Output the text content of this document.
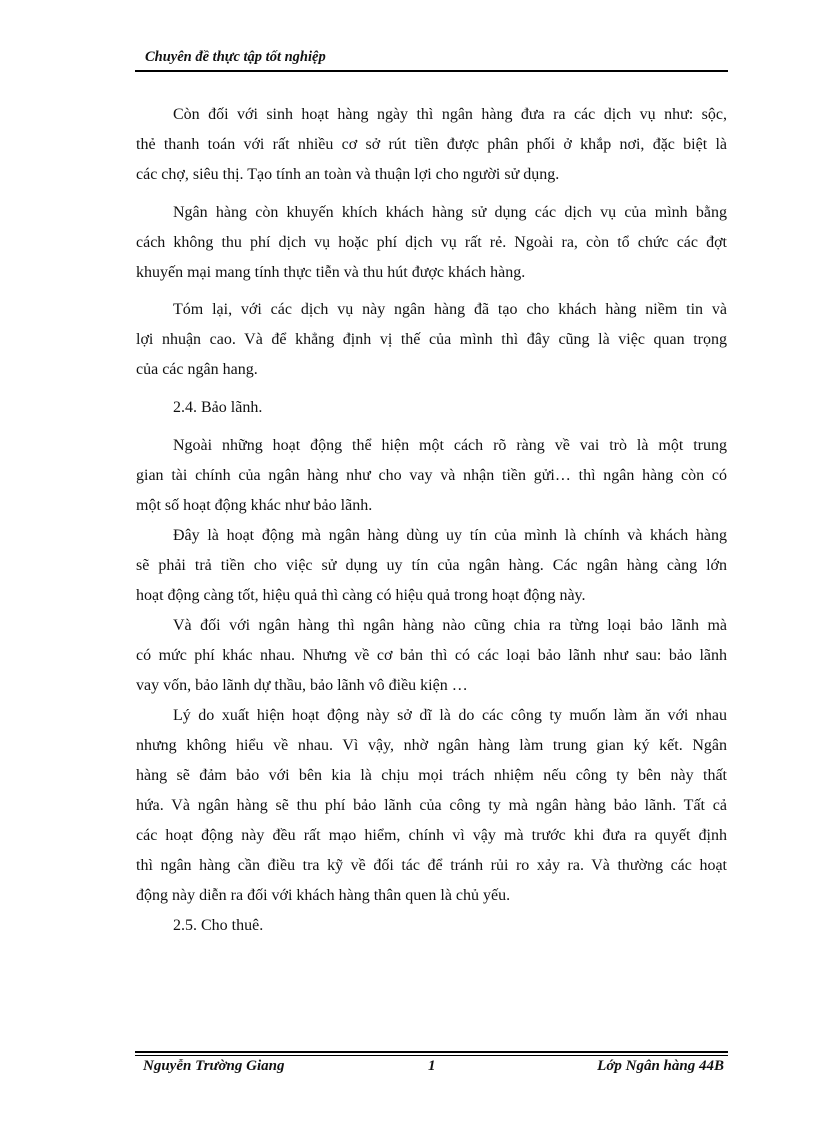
Chuyên đề thực tập tốt nghiệp
Còn đối với sinh hoạt hàng ngày thì ngân hàng đưa ra các dịch vụ như: sộc,
thẻ thanh toán với rất nhiều cơ sở rút tiền được phân phối ở khắp nơi, đặc biệt là
các chợ, siêu thị. Tạo tính an toàn và thuận lợi cho người sử dụng.
Ngân hàng còn khuyến khích khách hàng sử dụng các dịch vụ của mình bằng
cách không thu phí dịch vụ hoặc phí dịch vụ rất rẻ. Ngoài ra, còn tổ chức các đợt
khuyến mại mang tính thực tiễn và thu hút được khách hàng.
Tóm lại, với các dịch vụ này ngân hàng đã tạo cho khách hàng niềm tin và
lợi nhuận cao. Và để khẳng định vị thế của mình thì đây cũng là việc quan trọng
của các ngân hang.
2.4. Bảo lãnh.
Ngoài những hoạt động thể hiện một cách rõ ràng về vai trò là một trung
gian tài chính của ngân hàng như cho vay và nhận tiền gửi… thì ngân hàng còn có
một số hoạt động khác như bảo lãnh.
Đây là hoạt động mà ngân hàng dùng uy tín của mình là chính và khách hàng
sẽ phải trả tiền cho việc sử dụng uy tín của ngân hàng. Các ngân hàng càng lớn
hoạt động càng tốt, hiệu quả thì càng có hiệu quả trong hoạt động này.
Và đối với ngân hàng thì ngân hàng nào cũng chia ra từng loại bảo lãnh mà
có mức phí khác nhau. Nhưng về cơ bản thì có các loại bảo lãnh như sau: bảo lãnh
vay vốn, bảo lãnh dự thầu, bảo lãnh vô điều kiện …
Lý do xuất hiện hoạt động này sở dĩ là do các công ty muốn làm ăn với nhau
nhưng không hiểu về nhau. Vì vậy, nhờ ngân hàng làm trung gian ký kết. Ngân
hàng sẽ đảm bảo với bên kia là chịu mọi trách nhiệm nếu công ty bên này thất
hứa. Và ngân hàng sẽ thu phí bảo lãnh của công ty mà ngân hàng bảo lãnh. Tất cả
các hoạt động này đều rất mạo hiểm, chính vì vậy mà trước khi đưa ra quyết định
thì ngân hàng cần điều tra kỹ về đối tác để tránh rủi ro xảy ra. Và thường các hoạt
động này diễn ra đối với khách hàng thân quen là chủ yếu.
2.5. Cho thuê.
Nguyễn Trường Giang	1	Lớp Ngân hàng 44B
